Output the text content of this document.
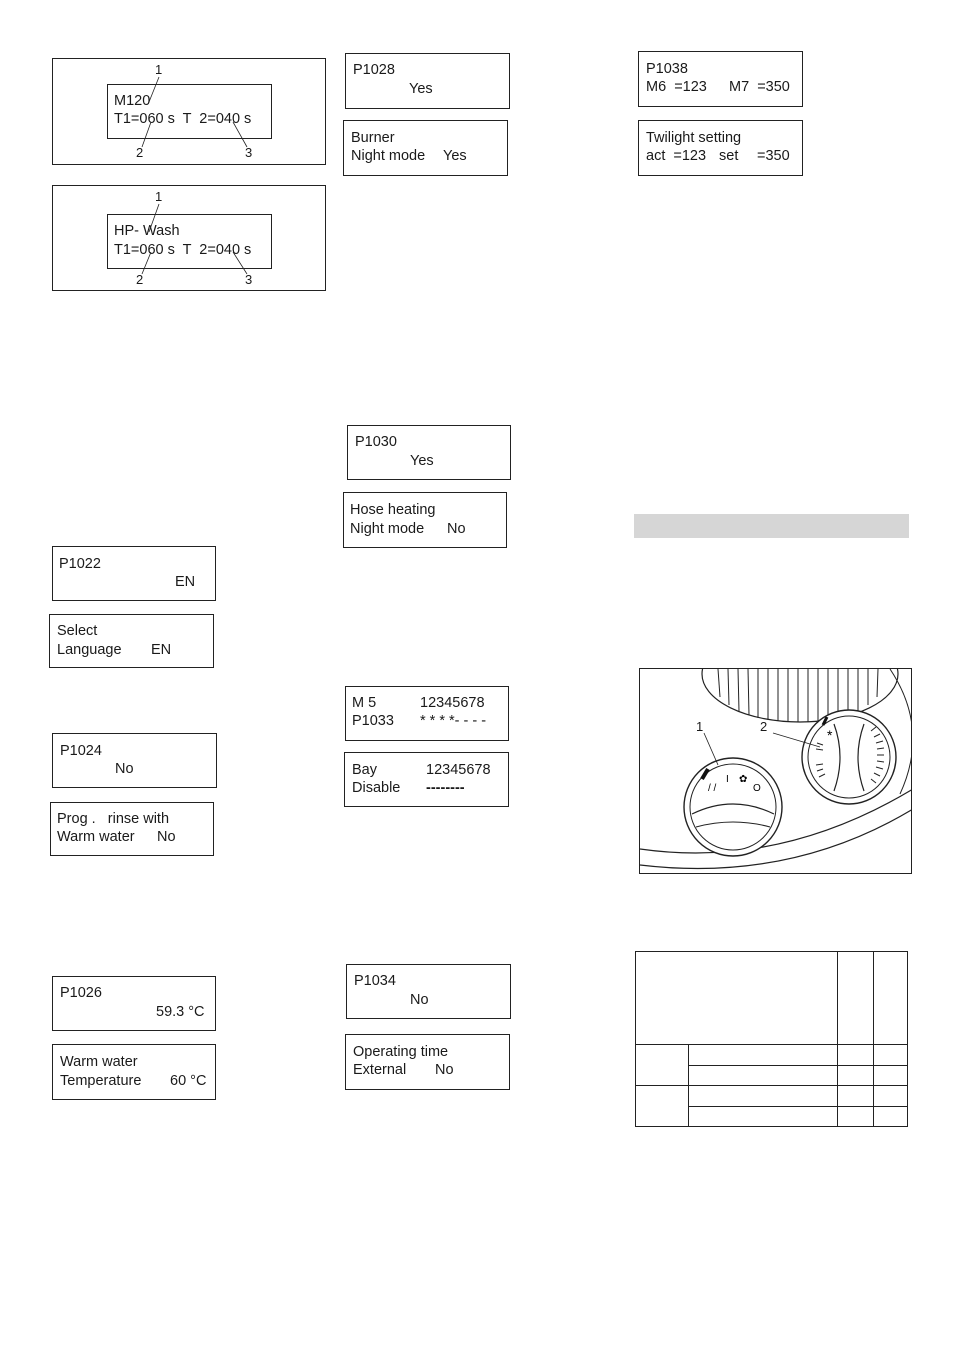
M120
T1=060 s  T  2=040 s
1
2	3
HP- Wash
T1=060 s  T  2=040 s
1
2	3
P1022
EN
Select
Language EN
P1024
No
Prog .   rinse with
Warm water No
P1026
59.3 °C
Warm water
Temperature 60 °C
P1028
Yes
Burner
Night mode Yes
P1030
Yes
Hose heating
Night mode No
M 5	12345678
P1033 * * * *- - - -
Bay	12345678
Disable --------
P1034
No
Operating time
External No
P1038
M6  =123 M7  =350
Twilight setting
act  =123 set =350
/ /
I ✿
O
*
1	2
